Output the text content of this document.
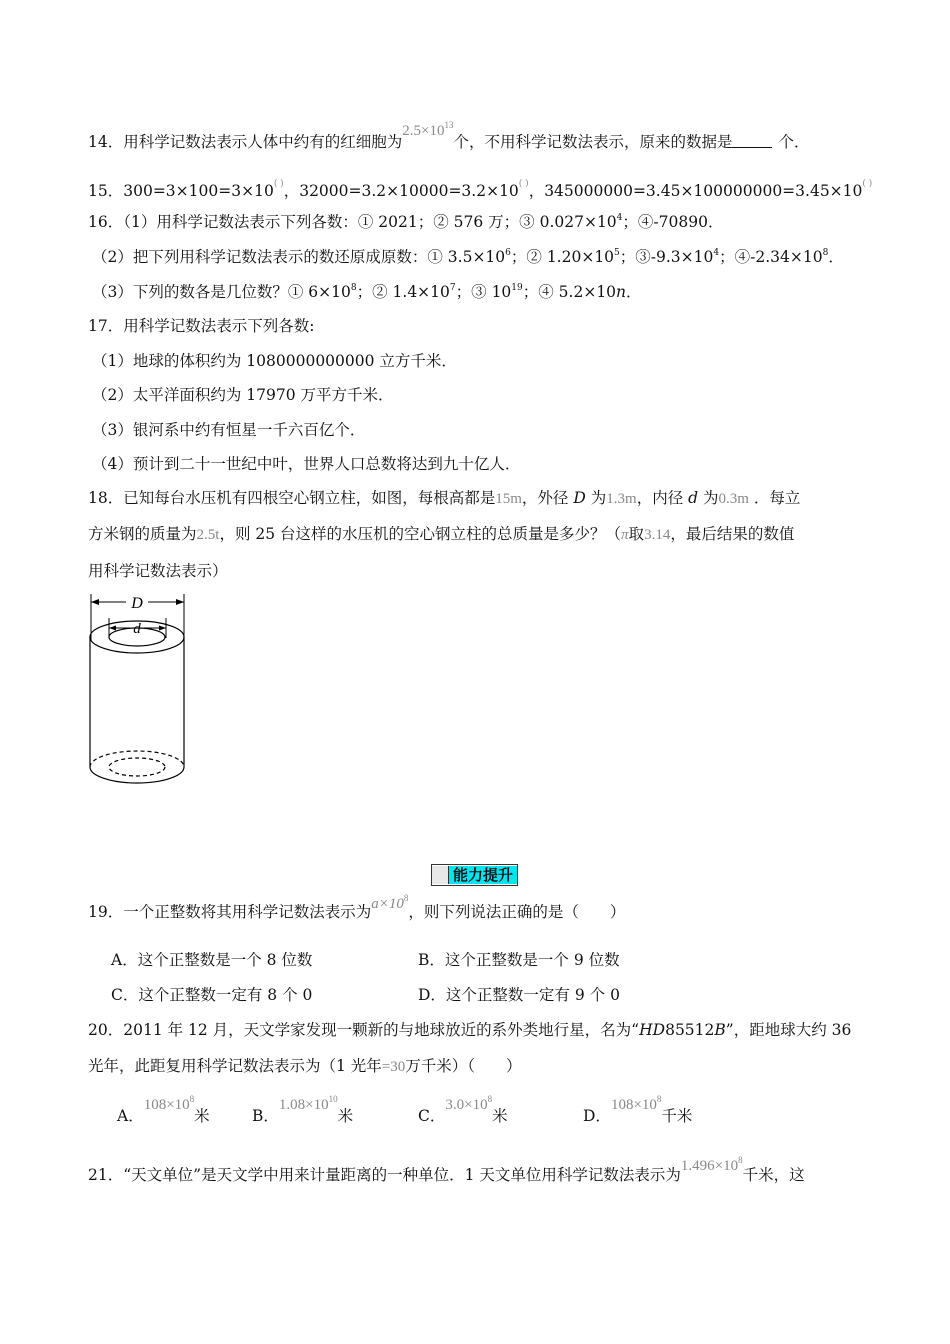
14．用科学记数法表示人体中约有的红细胞为$2.5\times 10^{13}$个，不用科学记数法表示，原来的数据是	个．
15．300=3×100=3×10( )，32000=3.2×10000=3.2×10( )，345000000=3.45×100000000=3.45×10( )
16．（1）用科学记数法表示下列各数：① 2021；② 576 万；③ $0.027\times 10^4$；④-70890．
（2）把下列用科学记数法表示的数还原成原数：① $3.5\times 10^6$；② $1.20\times 10^5$；$③-9.3\times 10^4$；$④-2.34\times 10^8$．
（3）下列的数各是几位数？① $6\times 10^8$；② $1.4\times 10^7$；③ $10^{19}$；④ 5.2×10n．
17．用科学记数法表示下列各数:
（1）地球的体积约为 1080000000000 立方千米．
（2）太平洋面积约为 17970 万平方千米．
（3）银河系中约有恒星一千六百亿个．
（4）预计到二十一世纪中叶，世界人口总数将达到九十亿人．
18．已知每台水压机有四根空心钢立柱，如图，每根高都是15m，外径 D 为1.3m，内径 d 为0.3m ．每立
方米钢的质量为2.5t，则 25 台这样的水压机的空心钢立柱的总质量是多少？（π取3.14，最后结果的数值
用科学记数法表示）
D
d
能力提升
19．一个正整数将其用科学记数法表示为$a\times 10^8$，则下列说法正确的是（　　）
A．这个正整数是一个 8 位数	B．这个正整数是一个 9 位数
C．这个正整数一定有 8 个 0	D．这个正整数一定有 9 个 0
20．2011 年 12 月，天文学家发现一颗新的与地球放近的系外类地行星，名为“HD85512B”，距地球大约 36
光年，此距复用科学记数法表示为（1 光年=30万千米）（　　）
A．$108\times 10^8$米	B．$1.08\times 10^{10}$米	C．$3.0\times 10^8$米	D．$108\times 10^8$千米
21．“天文单位”是天文学中用来计量距离的一种单位．1 天文单位用科学记数法表示为$1.496\times 10^8$千米，这
